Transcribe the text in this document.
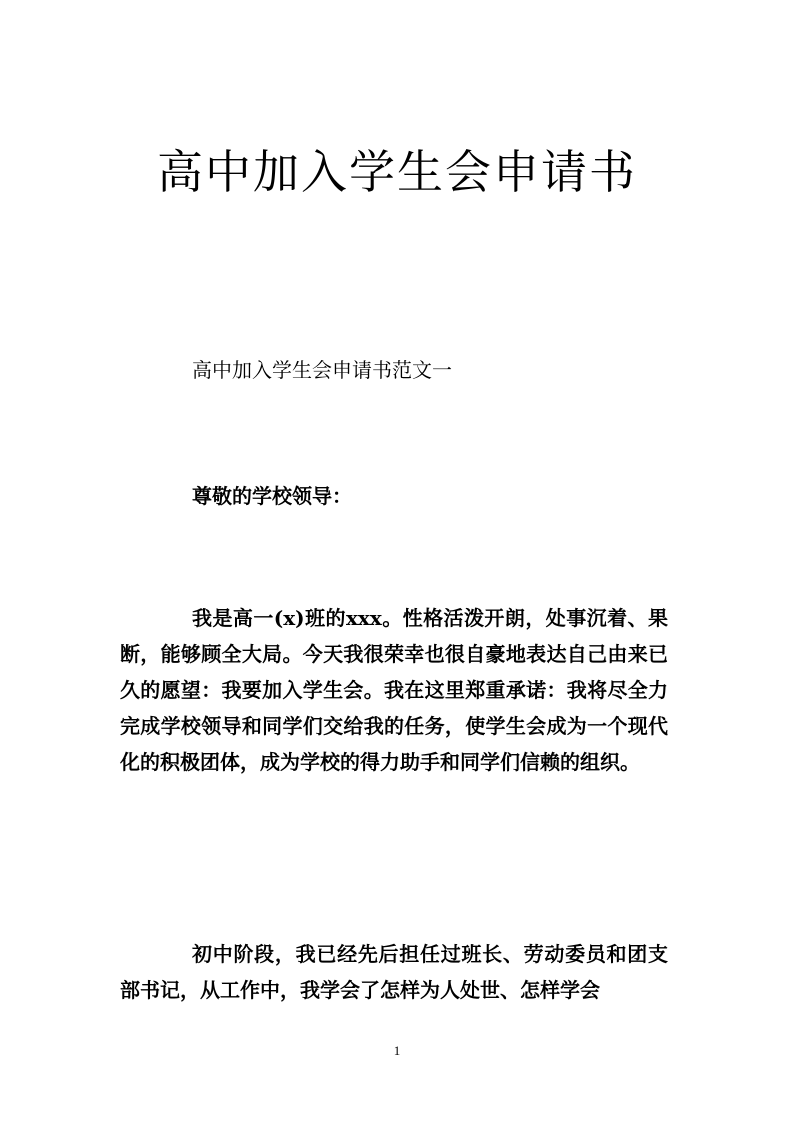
高中加入学生会申请书
高中加入学生会申请书范文一
尊敬的学校领导：
我是高一(x)班的xxx。性格活泼开朗，处事沉着、果断，能够顾全大局。今天我很荣幸也很自豪地表达自己由来已久的愿望：我要加入学生会。我在这里郑重承诺：我将尽全力完成学校领导和同学们交给我的任务，使学生会成为一个现代化的积极团体，成为学校的得力助手和同学们信赖的组织。
初中阶段，我已经先后担任过班长、劳动委员和团支部书记，从工作中，我学会了怎样为人处世、怎样学会
1
